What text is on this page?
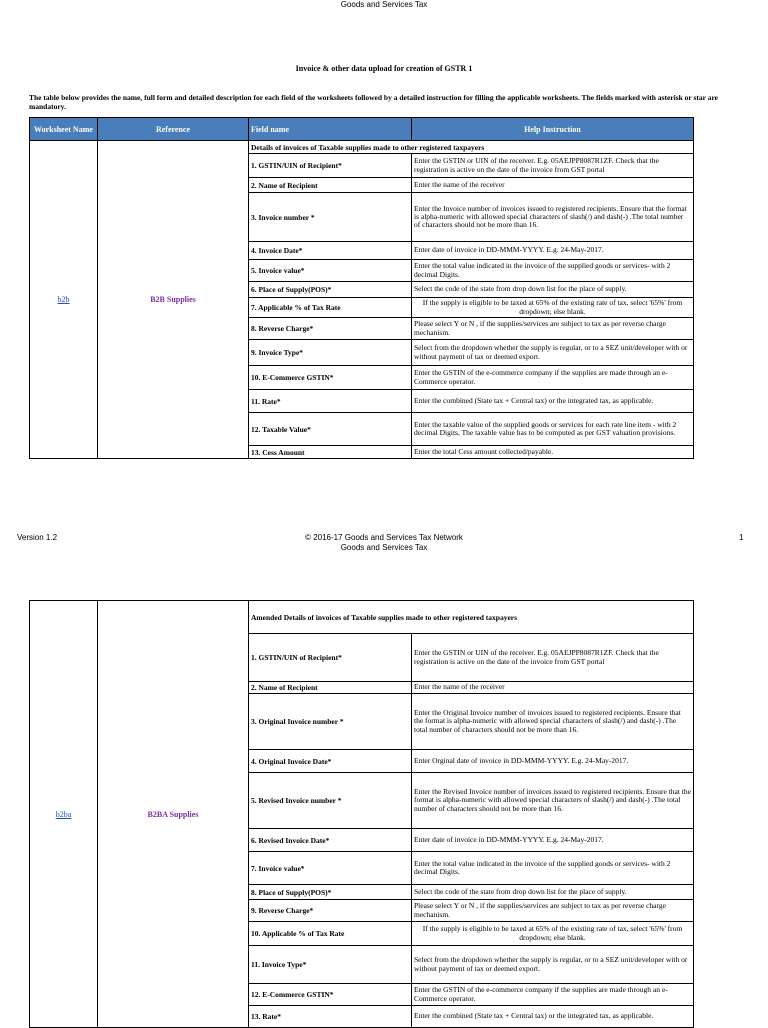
Goods and Services Tax
Invoice & other data upload for creation of GSTR 1
The table below provides the name, full form and detailed description for each field of the worksheets followed by a detailed instruction for filling the applicable worksheets. The fields marked with asterisk or star are mandatory.
Worksheet Name	Reference	Field name	Help Instruction
b2b	B2B Supplies	Details of invoices of Taxable supplies made to other registered taxpayers	
		1. GSTIN/UIN of Recipient*	Enter the GSTIN or UIN of the receiver. E.g. 05AEJPP8087R1ZF. Check that the registration is active on the date of the invoice from GST portal
		2. Name of Recipient	Enter the name of the receiver
		3. Invoice number *	Enter the Invoice number of invoices issued to registered recipients. Ensure that the format is alpha-numeric with allowed special characters of slash(/) and dash(-) .The total number of characters should not be more than 16.
		4. Invoice Date*	Enter date of invoice in DD-MMM-YYYY. E.g. 24-May-2017.
		5. Invoice value*	Enter the total value indicated in the invoice of the supplied goods or services- with 2 decimal Digits.
		6. Place of Supply(POS)*	Select the code of the state from drop down list for the place of supply.
		7. Applicable % of Tax Rate	If the supply is eligible to be taxed at 65% of the existing rate of tax, select '65%' from dropdown; else blank.
		8. Reverse Charge*	Please select Y or N , if the supplies/services are subject to tax as per reverse charge mechanism.
		9. Invoice Type*	Select from the dropdown whether the supply is regular, or to a SEZ unit/developer with or without payment of tax or deemed export.
		10. E-Commerce GSTIN*	Enter the GSTIN of the e-commerce company if the supplies are made through an e-Commerce operator.
		11. Rate*	Enter the combined (State tax + Central tax) or the integrated tax, as applicable.
		12. Taxable Value*	Enter the taxable value of the supplied goods or services for each rate line item - with 2 decimal Digits, The taxable value has to be computed as per GST valuation provisions.
		13. Cess Amount	Enter the total Cess amount collected/payable.
Version 1.2	© 2016-17 Goods and Services Tax Network	1
Goods and Services Tax
b2ba	B2BA Supplies	Amended Details of invoices of Taxable supplies made to other registered taxpayers	
		1. GSTIN/UIN of Recipient*	Enter the GSTIN or UIN of the receiver. E.g. 05AEJPP8087R1ZF. Check that the registration is active on the date of the invoice from GST portal
		2. Name of Recipient	Enter the name of the receiver
		3. Original Invoice number *	Enter the Original Invoice number of invoices issued to registered recipients. Ensure that the format is alpha-numeric with allowed special characters of slash(/) and dash(-) .The total number of characters should not be more than 16.
		4. Original Invoice Date*	Enter Orginal date of invoice in DD-MMM-YYYY. E.g. 24-May-2017.
		5. Revised Invoice number *	Enter the Revised Invoice number of invoices issued to registered recipients. Ensure that the format is alpha-numeric with allowed special characters of slash(/) and dash(-) .The total number of characters should not be more than 16.
		6. Revised Invoice Date*	Enter date of invoice in DD-MMM-YYYY. E.g. 24-May-2017.
		7. Invoice value*	Enter the total value indicated in the invoice of the supplied goods or services- with 2 decimal Digits.
		8. Place of Supply(POS)*	Select the code of the state from drop down list for the place of supply.
		9. Reverse Charge*	Please select Y or N , if the supplies/services are subject to tax as per reverse charge mechanism.
		10. Applicable % of Tax Rate	If the supply is eligible to be taxed at 65% of the existing rate of tax, select '65%' from dropdown; else blank.
		11. Invoice Type*	Select from the dropdown whether the supply is regular, or to a SEZ unit/developer with or without payment of tax or deemed export.
		12. E-Commerce GSTIN*	Enter the GSTIN of the e-commerce company if the supplies are made through an e-Commerce operator.
		13. Rate*	Enter the combined (State tax + Central tax) or the integrated tax, as applicable.
